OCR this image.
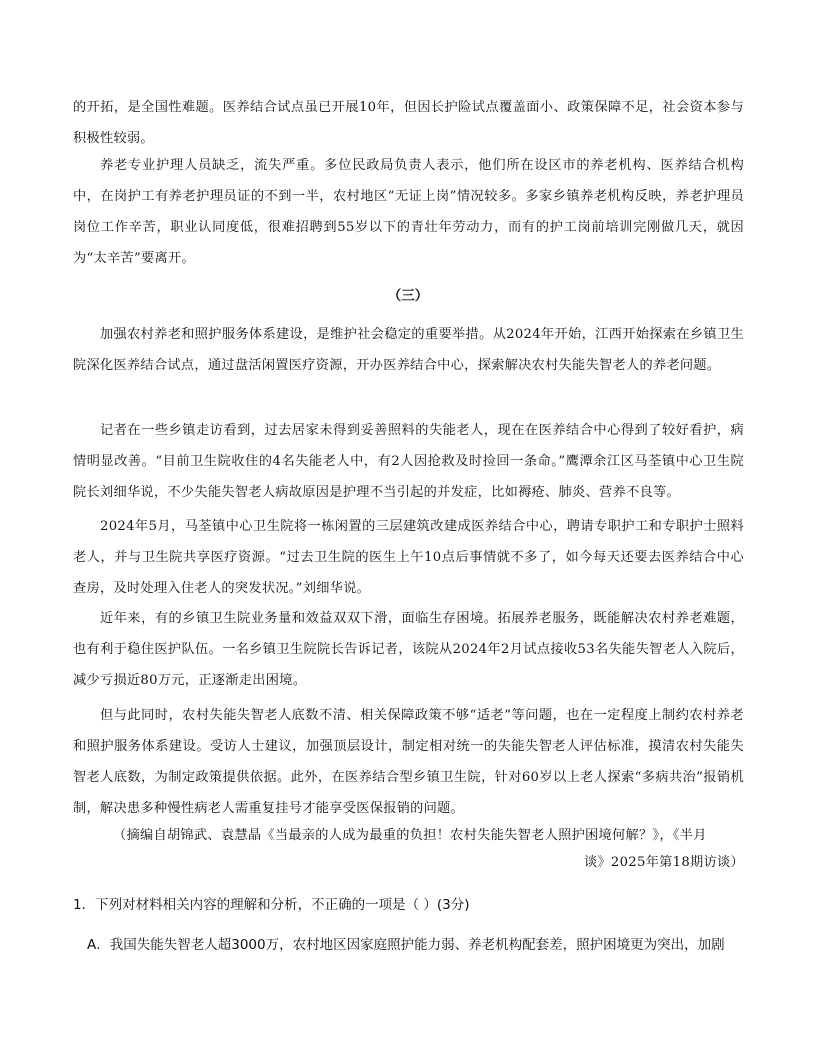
的开拓，是全国性难题。医养结合试点虽已开展10年，但因长护险试点覆盖面小、政策保障不足，社会资本参与积极性较弱。

养老专业护理人员缺乏，流失严重。多位民政局负责人表示，他们所在设区市的养老机构、医养结合机构中，在岗护工有养老护理员证的不到一半，农村地区“无证上岗”情况较多。多家乡镇养老机构反映，养老护理员岗位工作辛苦，职业认同度低，很难招聘到55岁以下的青壮年劳动力，而有的护工岗前培训完刚做几天，就因为“太辛苦”要离开。

（三）

加强农村养老和照护服务体系建设，是维护社会稳定的重要举措。从2024年开始，江西开始探索在乡镇卫生院深化医养结合试点，通过盘活闲置医疗资源，开办医养结合中心，探索解决农村失能失智老人的养老问题。

记者在一些乡镇走访看到，过去居家未得到妥善照料的失能老人，现在在医养结合中心得到了较好看护，病情明显改善。“目前卫生院收住的4名失能老人中，有2人因抢救及时捡回一条命。”鹰潭余江区马荃镇中心卫生院院长刘细华说，不少失能失智老人病故原因是护理不当引起的并发症，比如褥疮、肺炎、营养不良等。

2024年5月，马荃镇中心卫生院将一栋闲置的三层建筑改建成医养结合中心，聘请专职护工和专职护士照料老人，并与卫生院共享医疗资源。“过去卫生院的医生上午10点后事情就不多了，如今每天还要去医养结合中心查房，及时处理入住老人的突发状况。”刘细华说。

近年来，有的乡镇卫生院业务量和效益双双下滑，面临生存困境。拓展养老服务，既能解决农村养老难题，也有利于稳住医护队伍。一名乡镇卫生院院长告诉记者，该院从2024年2月试点接收53名失能失智老人入院后，减少亏损近80万元，正逐渐走出困境。

但与此同时，农村失能失智老人底数不清、相关保障政策不够“适老”等问题，也在一定程度上制约农村养老和照护服务体系建设。受访人士建议，加强顶层设计，制定相对统一的失能失智老人评估标准，摸清农村失能失智老人底数，为制定政策提供依据。此外，在医养结合型乡镇卫生院，针对60岁以上老人探索“多病共治”报销机制，解决患多种慢性病老人需重复挂号才能享受医保报销的问题。

（摘编自胡锦武、袁慧晶《当最亲的人成为最重的负担！农村失能失智老人照护困境何解？》，《半月
谈》2025年第18期访谈）

1．下列对材料相关内容的理解和分析，不正确的一项是（ ）(3分)

A．我国失能失智老人超3000万，农村地区因家庭照护能力弱、养老机构配套差，照护困境更为突出，加剧
